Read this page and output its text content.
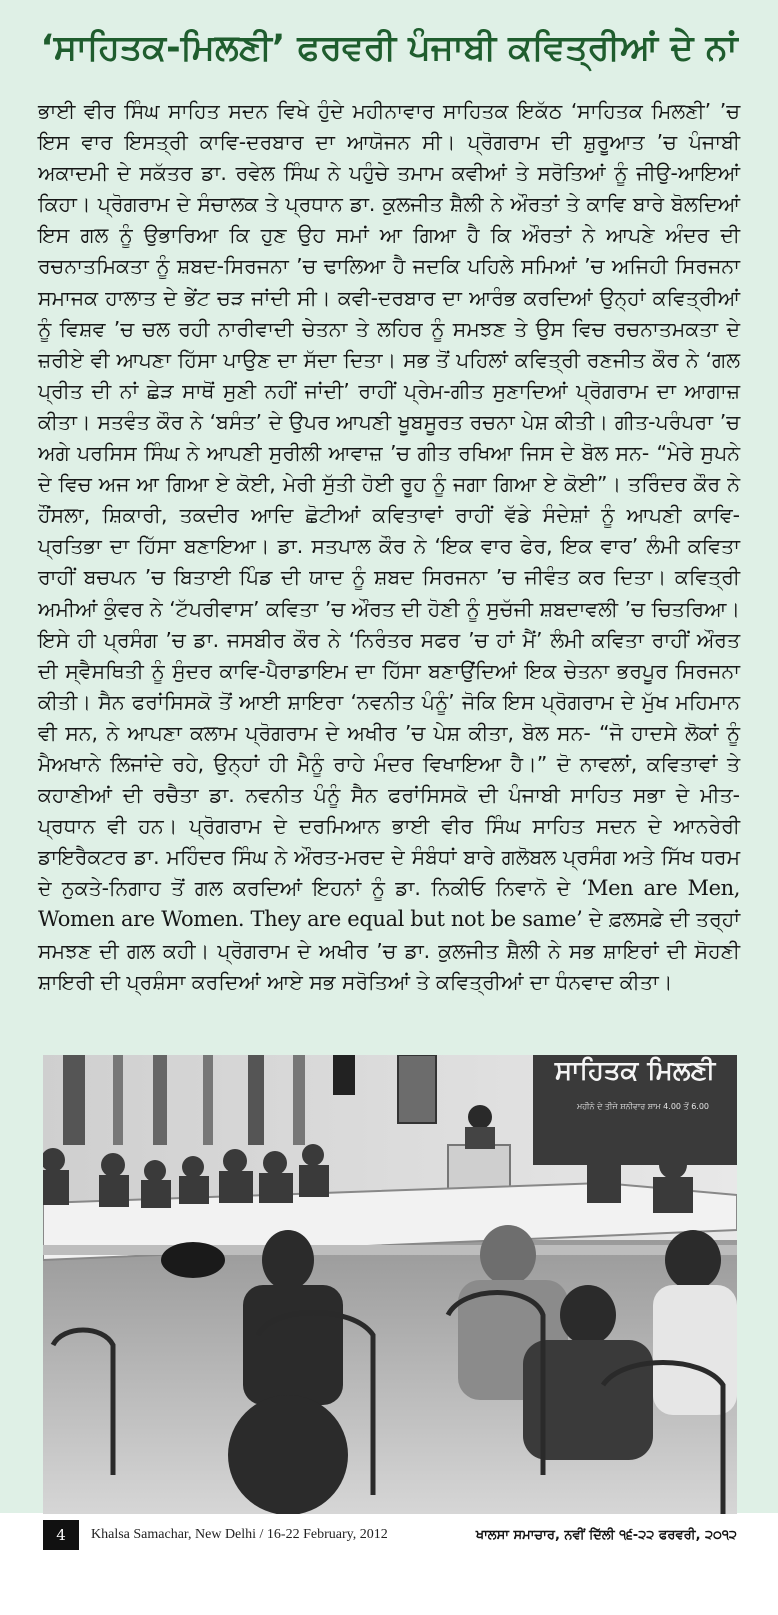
‘ਸਾਹਿਤਕ-ਮਿਲਣੀ’ ਫਰਵਰੀ ਪੰਜਾਬੀ ਕਵਿਤ੍ਰੀਆਂ ਦੇ ਨਾਂ

ਭਾਈ ਵੀਰ ਸਿੰਘ ਸਾਹਿਤ ਸਦਨ ਵਿਖੇ ਹੁੰਦੇ ਮਹੀਨਾਵਾਰ ਸਾਹਿਤਕ ਇਕੱਠ ‘ਸਾਹਿਤਕ ਮਿਲਣੀ’ ’ਚ ਇਸ ਵਾਰ ਇਸਤ੍ਰੀ ਕਾਵਿ-ਦਰਬਾਰ ਦਾ ਆਯੋਜਨ ਸੀ। ਪ੍ਰੋਗਰਾਮ ਦੀ ਸ਼ੁਰੂਆਤ ’ਚ ਪੰਜਾਬੀ ਅਕਾਦਮੀ ਦੇ ਸਕੱਤਰ ਡਾ. ਰਵੇਲ ਸਿੰਘ ਨੇ ਪਹੁੰਚੇ ਤਮਾਮ ਕਵੀਆਂ ਤੇ ਸਰੋਤਿਆਂ ਨੂੰ ਜੀਉ-ਆਇਆਂ ਕਿਹਾ। ਪ੍ਰੋਗਰਾਮ ਦੇ ਸੰਚਾਲਕ ਤੇ ਪ੍ਰਧਾਨ ਡਾ. ਕੁਲਜੀਤ ਸ਼ੈਲੀ ਨੇ ਔਰਤਾਂ ਤੇ ਕਾਵਿ ਬਾਰੇ ਬੋਲਦਿਆਂ ਇਸ ਗਲ ਨੂੰ ਉਭਾਰਿਆ ਕਿ ਹੁਣ ਉਹ ਸਮਾਂ ਆ ਗਿਆ ਹੈ ਕਿ ਔਰਤਾਂ ਨੇ ਆਪਣੇ ਅੰਦਰ ਦੀ ਰਚਨਾਤਮਿਕਤਾ ਨੂੰ ਸ਼ਬਦ-ਸਿਰਜਨਾ ’ਚ ਢਾਲਿਆ ਹੈ ਜਦਕਿ ਪਹਿਲੇ ਸਮਿਆਂ ’ਚ ਅਜਿਹੀ ਸਿਰਜਨਾ ਸਮਾਜਕ ਹਾਲਾਤ ਦੇ ਭੇਂਟ ਚੜ ਜਾਂਦੀ ਸੀ। ਕਵੀ-ਦਰਬਾਰ ਦਾ ਆਰੰਭ ਕਰਦਿਆਂ ਉਨ੍ਹਾਂ ਕਵਿਤ੍ਰੀਆਂ ਨੂੰ ਵਿਸ਼ਵ ’ਚ ਚਲ ਰਹੀ ਨਾਰੀਵਾਦੀ ਚੇਤਨਾ ਤੇ ਲਹਿਰ ਨੂੰ ਸਮਝਣ ਤੇ ਉਸ ਵਿਚ ਰਚਨਾਤਮਕਤਾ ਦੇ ਜ਼ਰੀਏ ਵੀ ਆਪਣਾ ਹਿੱਸਾ ਪਾਉਣ ਦਾ ਸੱਦਾ ਦਿਤਾ। ਸਭ ਤੋਂ ਪਹਿਲਾਂ ਕਵਿਤ੍ਰੀ ਰਣਜੀਤ ਕੌਰ ਨੇ ‘ਗਲ ਪ੍ਰੀਤ ਦੀ ਨਾਂ ਛੇੜ ਸਾਥੋਂ ਸੁਣੀ ਨਹੀਂ ਜਾਂਦੀ’ ਰਾਹੀਂ ਪ੍ਰੇਮ-ਗੀਤ ਸੁਣਾਦਿਆਂ ਪ੍ਰੋਗਰਾਮ ਦਾ ਆਗਾਜ਼ ਕੀਤਾ। ਸਤਵੰਤ ਕੌਰ ਨੇ ‘ਬਸੰਤ’ ਦੇ ਉਪਰ ਆਪਣੀ ਖੂਬਸੂਰਤ ਰਚਨਾ ਪੇਸ਼ ਕੀਤੀ। ਗੀਤ-ਪਰੰਪਰਾ ’ਚ ਅਗੇ ਪਰਸਿਸ ਸਿੰਘ ਨੇ ਆਪਣੀ ਸੁਰੀਲੀ ਆਵਾਜ਼ ’ਚ ਗੀਤ ਰਖਿਆ ਜਿਸ ਦੇ ਬੋਲ ਸਨ- “ਮੇਰੇ ਸੁਪਨੇ ਦੇ ਵਿਚ ਅਜ ਆ ਗਿਆ ਏ ਕੋਈ, ਮੇਰੀ ਸੁੱਤੀ ਹੋਈ ਰੂਹ ਨੂੰ ਜਗਾ ਗਿਆ ਏ ਕੋਈ”। ਤਰਿੰਦਰ ਕੌਰ ਨੇ ਹੌਂਸਲਾ, ਸ਼ਿਕਾਰੀ, ਤਕਦੀਰ ਆਦਿ ਛੋਟੀਆਂ ਕਵਿਤਾਵਾਂ ਰਾਹੀਂ ਵੱਡੇ ਸੰਦੇਸ਼ਾਂ ਨੂੰ ਆਪਣੀ ਕਾਵਿ-ਪ੍ਰਤਿਭਾ ਦਾ ਹਿੱਸਾ ਬਣਾਇਆ। ਡਾ. ਸਤਪਾਲ ਕੌਰ ਨੇ ‘ਇਕ ਵਾਰ ਫੇਰ, ਇਕ ਵਾਰ’ ਲੰਮੀ ਕਵਿਤਾ ਰਾਹੀਂ ਬਚਪਨ ’ਚ ਬਿਤਾਈ ਪਿੰਡ ਦੀ ਯਾਦ ਨੂੰ ਸ਼ਬਦ ਸਿਰਜਨਾ ’ਚ ਜੀਵੰਤ ਕਰ ਦਿਤਾ। ਕਵਿਤ੍ਰੀ ਅਮੀਆਂ ਕੁੰਵਰ ਨੇ ‘ਟੱਪਰੀਵਾਸ’ ਕਵਿਤਾ ’ਚ ਔਰਤ ਦੀ ਹੋਣੀ ਨੂੰ ਸੁਚੱਜੀ ਸ਼ਬਦਾਵਲੀ ’ਚ ਚਿਤਰਿਆ। ਇਸੇ ਹੀ ਪ੍ਰਸੰਗ ’ਚ ਡਾ. ਜਸਬੀਰ ਕੌਰ ਨੇ ‘ਨਿਰੰਤਰ ਸਫਰ ’ਚ ਹਾਂ ਮੈਂ’ ਲੰਮੀ ਕਵਿਤਾ ਰਾਹੀਂ ਔਰਤ ਦੀ ਸ੍ਵੈਸਥਿਤੀ ਨੂੰ ਸੁੰਦਰ ਕਾਵਿ-ਪੈਰਾਡਾਇਮ ਦਾ ਹਿੱਸਾ ਬਣਾਉਂਦਿਆਂ ਇਕ ਚੇਤਨਾ ਭਰਪੂਰ ਸਿਰਜਨਾ ਕੀਤੀ। ਸੈਨ ਫਰਾਂਸਿਸਕੋ ਤੋਂ ਆਈ ਸ਼ਾਇਰਾ ‘ਨਵਨੀਤ ਪੰਨੂੰ’ ਜੋਕਿ ਇਸ ਪ੍ਰੋਗਰਾਮ ਦੇ ਮੁੱਖ ਮਹਿਮਾਨ ਵੀ ਸਨ, ਨੇ ਆਪਣਾ ਕਲਾਮ ਪ੍ਰੋਗਰਾਮ ਦੇ ਅਖੀਰ ’ਚ ਪੇਸ਼ ਕੀਤਾ, ਬੋਲ ਸਨ- “ਜੋ ਹਾਦਸੇ ਲੋਕਾਂ ਨੂੰ ਮੈਅਖਾਨੇ ਲਿਜਾਂਦੇ ਰਹੇ, ਉਨ੍ਹਾਂ ਹੀ ਮੈਨੂੰ ਰਾਹੇ ਮੰਦਰ ਵਿਖਾਇਆ ਹੈ।” ਦੋ ਨਾਵਲਾਂ, ਕਵਿਤਾਵਾਂ ਤੇ ਕਹਾਣੀਆਂ ਦੀ ਰਚੈਤਾ ਡਾ. ਨਵਨੀਤ ਪੰਨੂੰ ਸੈਨ ਫਰਾਂਸਿਸਕੋ ਦੀ ਪੰਜਾਬੀ ਸਾਹਿਤ ਸਭਾ ਦੇ ਮੀਤ-ਪ੍ਰਧਾਨ ਵੀ ਹਨ। ਪ੍ਰੋਗਰਾਮ ਦੇ ਦਰਮਿਆਨ ਭਾਈ ਵੀਰ ਸਿੰਘ ਸਾਹਿਤ ਸਦਨ ਦੇ ਆਨਰੇਰੀ ਡਾਇਰੈਕਟਰ ਡਾ. ਮਹਿੰਦਰ ਸਿੰਘ ਨੇ ਔਰਤ-ਮਰਦ ਦੇ ਸੰਬੰਧਾਂ ਬਾਰੇ ਗਲੋਬਲ ਪ੍ਰਸੰਗ ਅਤੇ ਸਿੱਖ ਧਰਮ ਦੇ ਨੁਕਤੇ-ਨਿਗਾਹ ਤੋਂ ਗਲ ਕਰਦਿਆਂ ਇਹਨਾਂ ਨੂੰ ਡਾ. ਨਿਕੀਓ ਨਿਵਾਨੋ ਦੇ ‘Men are Men, Women are Women. They are equal but not be same’ ਦੇ ਫ਼ਲਸਫ਼ੇ ਦੀ ਤਰ੍ਹਾਂ ਸਮਝਣ ਦੀ ਗਲ ਕਹੀ। ਪ੍ਰੋਗਰਾਮ ਦੇ ਅਖੀਰ ’ਚ ਡਾ. ਕੁਲਜੀਤ ਸ਼ੈਲੀ ਨੇ ਸਭ ਸ਼ਾਇਰਾਂ ਦੀ ਸੋਹਣੀ ਸ਼ਾਇਰੀ ਦੀ ਪ੍ਰਸ਼ੰਸਾ ਕਰਦਿਆਂ ਆਏ ਸਭ ਸਰੋਤਿਆਂ ਤੇ ਕਵਿਤ੍ਰੀਆਂ ਦਾ ਧੰਨਵਾਦ ਕੀਤਾ।

ਸਾਹਿਤਕ ਮਿਲਣੀ
ਮਹੀਨੇ ਦੇ ਤੀਜੇ ਸ਼ਨੀਵਾਰ ਸ਼ਾਮ 4.00 ਤੋਂ 6.00
4	Khalsa Samachar, New Delhi / 16-22 February, 2012	ਖਾਲਸਾ ਸਮਾਚਾਰ, ਨਵੀਂ ਦਿੱਲੀ ੧੬-੨੨ ਫਰਵਰੀ, ੨੦੧੨
